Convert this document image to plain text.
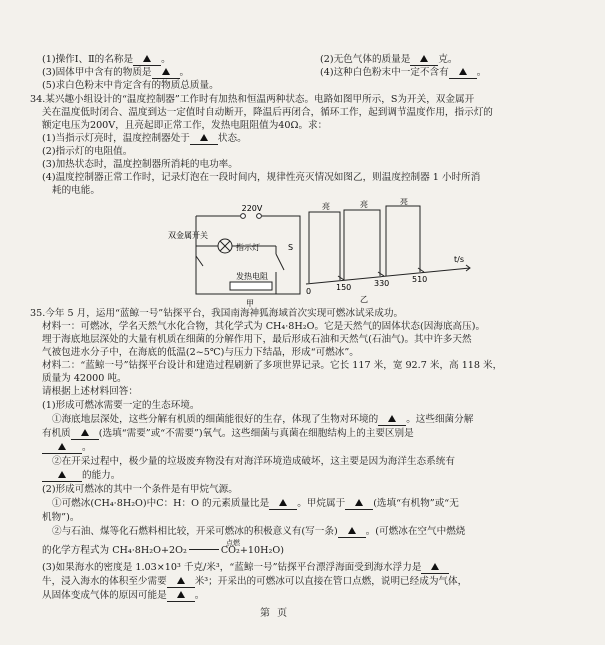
(1)操作Ⅰ、Ⅱ的名称是	。	(2)无色气体的质量是	克。
(3)固体甲中含有的物质是	。	(4)这种白色粉末中一定不含有	。
(5)求白色粉末中肯定含有的物质总质量。
34.某兴趣小组设计的“温度控制器”工作时有加热和恒温两种状态。电路如图甲所示，S为开关，双金属开
关在温度低时闭合、温度到达一定值时自动断开，降温后再闭合，循环工作，起到调节温度作用，指示灯的
额定电压为200V，且亮起即正常工作，发热电阻阻值为40Ω。求：
(1)当指示灯亮时，温度控制器处于	状态。
(2)指示灯的电阻值。
(3)加热状态时，温度控制器所消耗的电功率。
(4)温度控制器正常工作时，记录灯泡在一段时间内，规律性亮灭情况如图乙，则温度控制器 1 小时所消
耗的电能。
220V
指示灯	S
发热电阻
双金属开关
甲
亮	亮	亮
t/s
0	150	330	510
乙
35.今年 5 月，运用“蓝鲸一号”钻探平台，我国南海神狐海域首次实现可燃冰试采成功。
材料一：可燃冰，学名天然气水化合物，其化学式为 CH₄·8H₂O。它是天然气的固体状态(因海底高压)。
埋于海底地层深处的大量有机质在细菌的分解作用下，最后形成石油和天然气(石油气)。其中许多天然
气被包进水分子中，在海底的低温(2~5℃)与压力下结晶，形成“可燃冰”。
材料二：“蓝鲸一号”钻探平台设计和建造过程刷新了多项世界记录。它长 117 米，宽 92.7 米，高 118 米，
质量为 42000 吨。
请根据上述材料回答：
(1)形成可燃冰需要一定的生态环境。
①海底地层深处，这些分解有机质的细菌能很好的生存，体现了生物对环境的	。这些细菌分解
有机质	(选填“需要”或“不需要”)氧气。这些细菌与真菌在细胞结构上的主要区别是
。
②在开采过程中，极少量的垃圾废弃物没有对海洋环境造成破坏，这主要是因为海洋生态系统有
的能力。
(2)形成可燃冰的其中一个条件是有甲烷气源。
①可燃冰(CH₄·8H₂O)中C：H：O 的元素质量比是	。甲烷属于	(选填“有机物”或“无
机物”)。
②与石油、煤等化石燃料相比较，开采可燃冰的积极意义有(写一条)	。(可燃冰在空气中燃烧
点燃
的化学方程式为 CH₄·8H₂O+2O₂	CO₂+10H₂O)
(3)如果海水的密度是 1.03×10³ 千克/米³，“蓝鲸一号”钻探平台漂浮海面受到海水浮力是
牛，浸入海水的体积至少需要	米³；开采出的可燃冰可以直接在管口点燃，说明已经成为气体，
从固体变成气体的原因可能是	。
第 页
